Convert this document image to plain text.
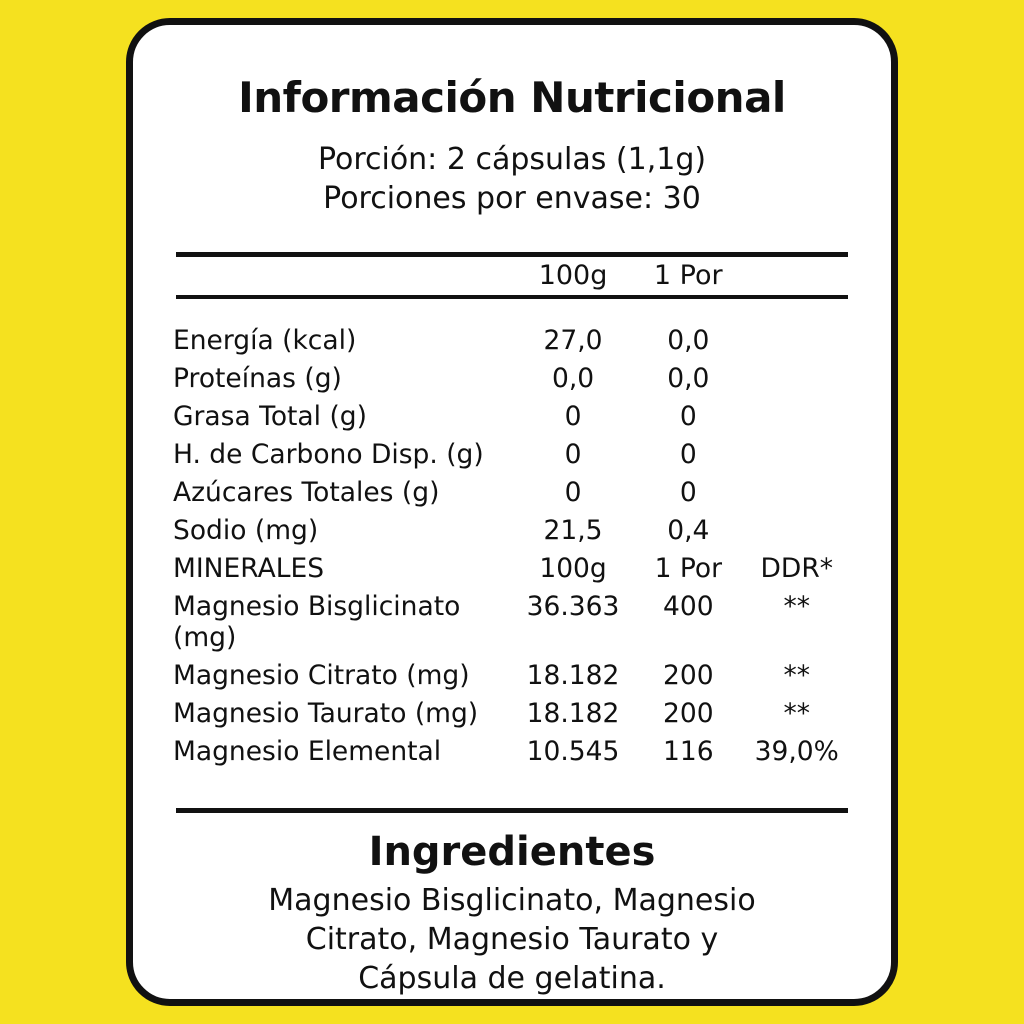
Información Nutricional
Porción: 2 cápsulas (1,1g)
Porciones por envase: 30
	100g	1 Por	

Energía (kcal)	27,0	0,0	
Proteínas (g)	0,0	0,0	
Grasa Total (g)	0	0	
H. de Carbono Disp. (g)	0	0	
Azúcares Totales (g)	0	0	
Sodio (mg)	21,5	0,4	
MINERALES	100g	1 Por	DDR*
Magnesio Bisglicinato (mg)	36.363	400	**
Magnesio Citrato (mg)	18.182	200	**
Magnesio Taurato (mg)	18.182	200	**
Magnesio Elemental	10.545	116	39,0%

Ingredientes
Magnesio Bisglicinato, Magnesio
Citrato, Magnesio Taurato y
Cápsula de gelatina.
